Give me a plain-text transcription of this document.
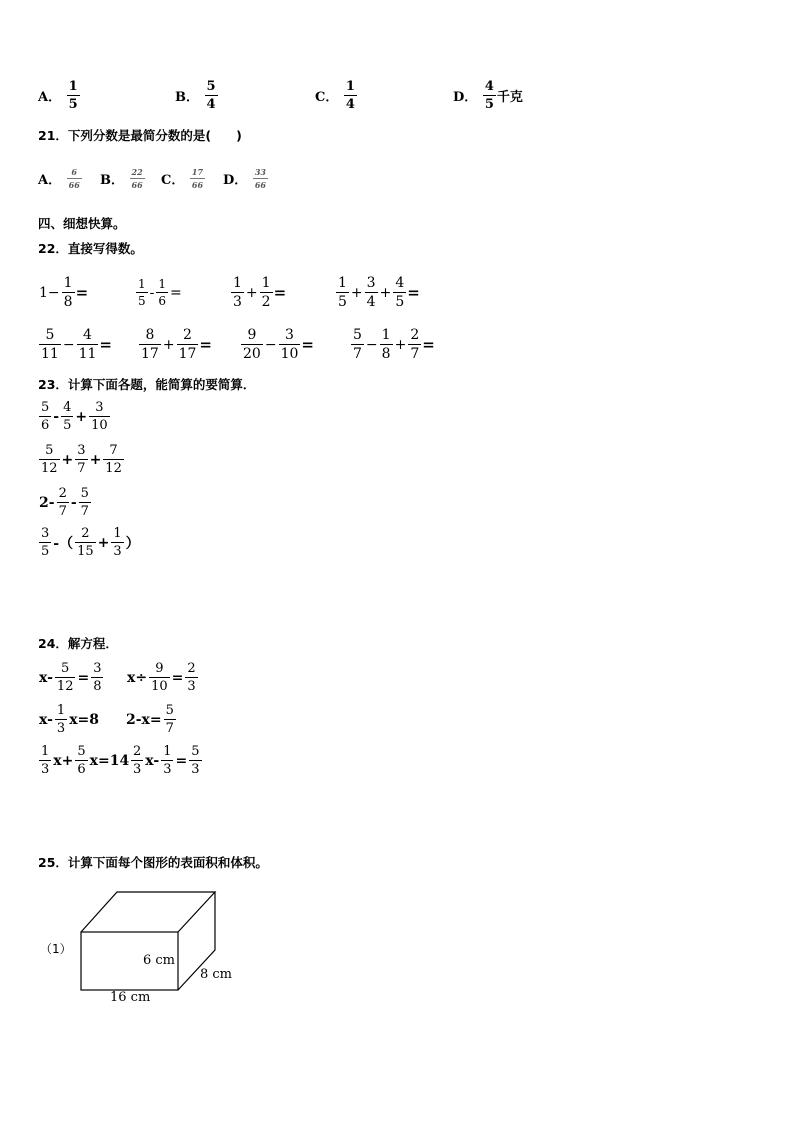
A． $\frac{1}{5}$	B． $\frac{5}{4}$	C． $\frac{1}{4}$	D． $\frac{4}{5}$ 千克
21．下列分数是最简分数的是(　　)
A． $\frac{6}{66}$ B． $\frac{22}{66}$ C． $\frac{17}{66}$ D． $\frac{33}{66}$
四、细想快算。
22．直接写得数。
$1- \frac{1}{8}$ =	$\frac{1}{5} - \frac{1}{6}$ =	$\frac{1}{3} + \frac{1}{2}$ =	$\frac{1}{5} + \frac{3}{4} + \frac{4}{5}$ =
$\frac{5}{11} - \frac{4}{11} = \frac{8}{17} + \frac{2}{17} = \frac{9}{20} - \frac{3}{10}$ =	$\frac{5}{7} - \frac{1}{8} + \frac{2}{7}$ =
23．计算下面各题，能简算的要简算．
$\frac{5}{6} - \frac{4}{5} + \frac{3}{10}$
$\frac{5}{12} + \frac{3}{7} + \frac{7}{12}$
$2- \frac{2}{7} - \frac{5}{7}$
$\frac{3}{5}$ -（ $\frac{2}{15} + \frac{1}{3}$ ）
24．解方程．
$x- \frac{5}{12} = \frac{3}{8} x\div \frac{9}{10} = \frac{2}{3}$
$x- \frac{1}{3} x=8$ $2-x= \frac{5}{7}$
$\frac{1}{3} x+ \frac{5}{6} x=14 \frac{2}{3} x- \frac{1}{3} = \frac{5}{3}$
25．计算下面每个图形的表面积和体积。
（1）
6 cm
8 cm
16 cm
